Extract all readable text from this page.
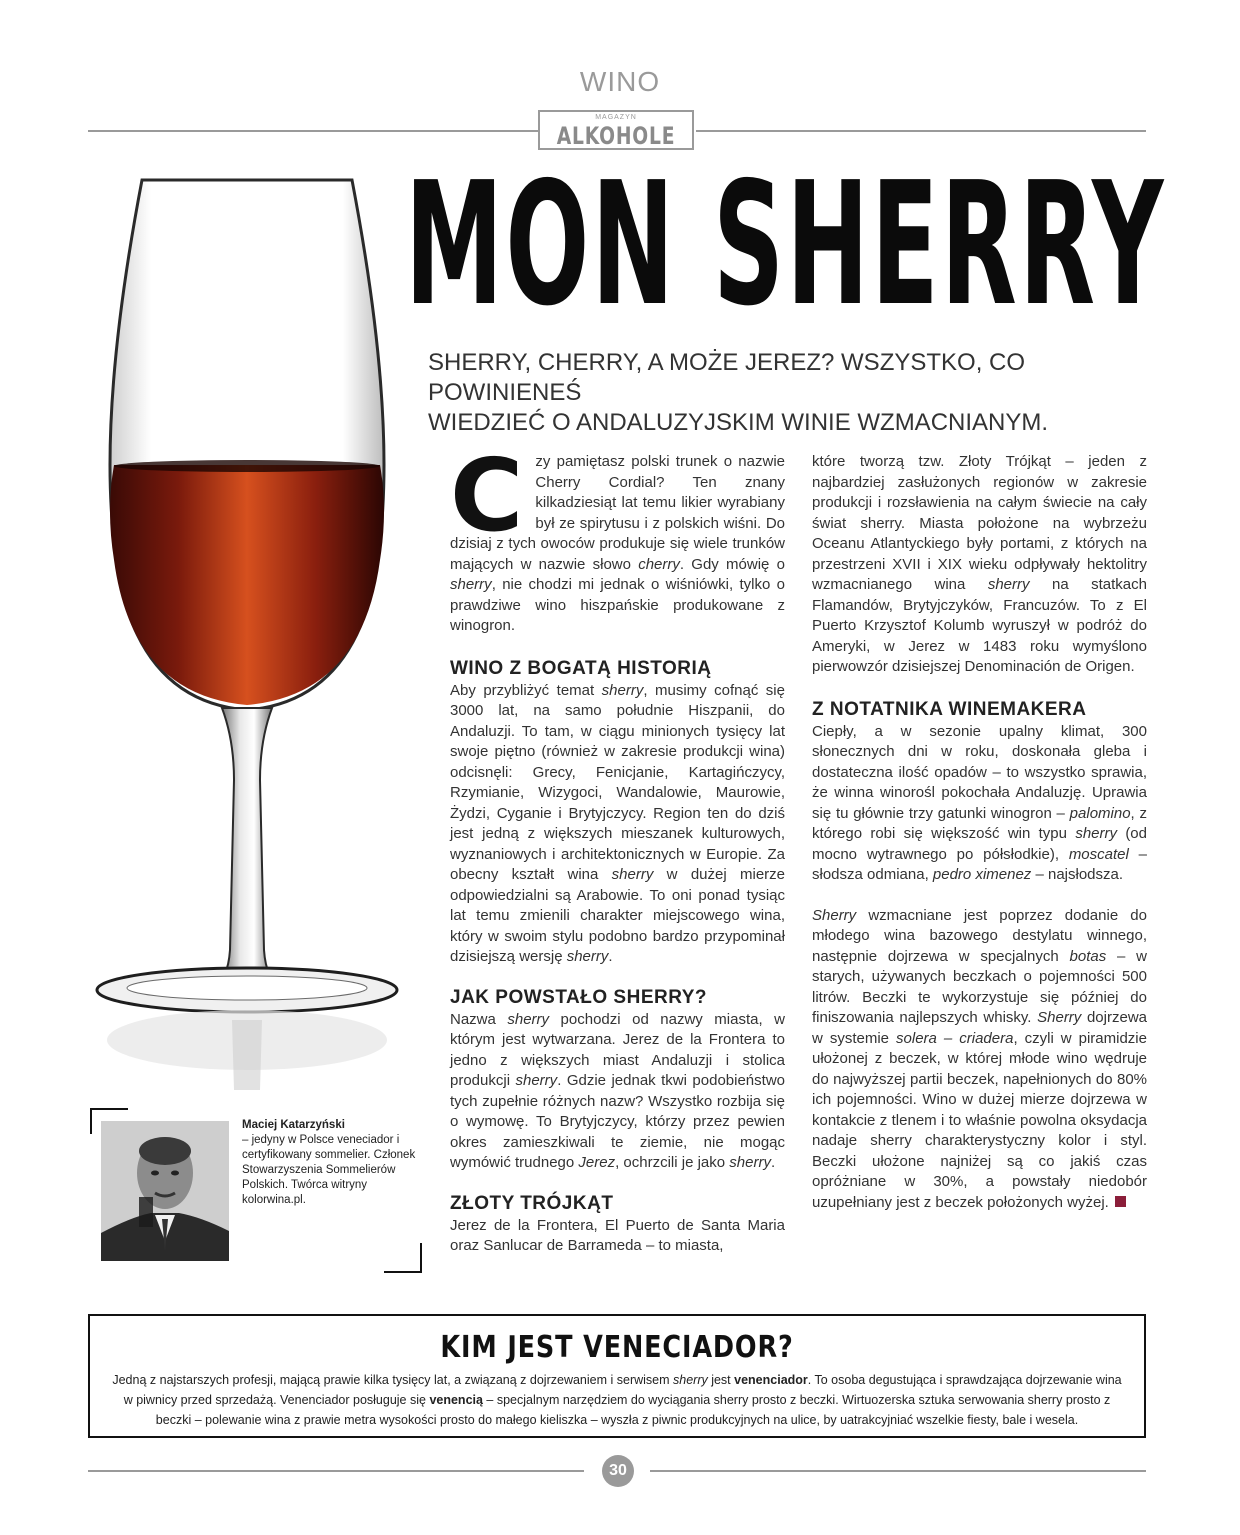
WINO
MAGAZYN
ALKOHOLE
MON SHERRY
SHERRY, CHERRY, A MOŻE JEREZ? WSZYSTKO, CO POWINIENEŚ
WIEDZIEĆ O ANDALUZYJSKIM WINIE WZMACNIANYM.

Czy pamiętasz polski trunek o nazwie Cherry Cordial? Ten znany kilkadziesiąt lat temu likier wyrabiany był ze spirytusu i z polskich wiśni. Do dzisiaj z tych owoców produkuje się wiele trunków mających w nazwie słowo cherry. Gdy mówię o sherry, nie chodzi mi jednak o wiśniówki, tylko o prawdziwe wino hiszpańskie produkowane z winogron.

WINO Z BOGATĄ HISTORIĄ

Aby przybliżyć temat sherry, musimy cofnąć się 3000 lat, na samo południe Hiszpanii, do Andaluzji. To tam, w ciągu minionych tysięcy lat swoje piętno (również w zakresie produkcji wina) odcisnęli: Grecy, Fenicjanie, Kartagińczycy, Rzymianie, Wizygoci, Wandalowie, Maurowie, Żydzi, Cyganie i Brytyjczycy. Region ten do dziś jest jedną z większych mieszanek kulturowych, wyznaniowych i architektonicznych w Europie. Za obecny kształt wina sherry w dużej mierze odpowiedzialni są Arabowie. To oni ponad tysiąc lat temu zmienili charakter miejscowego wina, który w swoim stylu podobno bardzo przypominał dzisiejszą wersję sherry.

JAK POWSTAŁO SHERRY?

Nazwa sherry pochodzi od nazwy miasta, w którym jest wytwarzana. Jerez de la Frontera to jedno z większych miast Andaluzji i stolica produkcji sherry. Gdzie jednak tkwi podobieństwo tych zupełnie różnych nazw? Wszystko rozbija się o wymowę. To Brytyjczycy, którzy przez pewien okres zamieszkiwali te ziemie, nie mogąc wymówić trudnego Jerez, ochrzcili je jako sherry.

ZŁOTY TRÓJKĄT

Jerez de la Frontera, El Puerto de Santa Maria oraz Sanlucar de Barrameda – to miasta,

które tworzą tzw. Złoty Trójkąt – jeden z najbardziej zasłużonych regionów w zakresie produkcji i rozsławienia na całym świecie na cały świat sherry. Miasta położone na wybrzeżu Oceanu Atlantyckiego były portami, z których na przestrzeni XVII i XIX wieku odpływały hektolitry wzmacnianego wina sherry na statkach Flamandów, Brytyjczyków, Francuzów. To z El Puerto Krzysztof Kolumb wyruszył w podróż do Ameryki, w Jerez w 1483 roku wymyślono pierwowzór dzisiejszej Denominación de Origen.

Z NOTATNIKA WINEMAKERA

Ciepły, a w sezonie upalny klimat, 300 słonecznych dni w roku, doskonała gleba i dostateczna ilość opadów – to wszystko sprawia, że winna winorośl pokochała Andaluzję. Uprawia się tu głównie trzy gatunki winogron – palomino, z którego robi się większość win typu sherry (od mocno wytrawnego po półsłodkie), moscatel – słodsza odmiana, pedro ximenez – najsłodsza.

Sherry wzmacniane jest poprzez dodanie do młodego wina bazowego destylatu winnego, następnie dojrzewa w specjalnych botas – w starych, używanych beczkach o pojemności 500 litrów. Beczki te wykorzystuje się później do finiszowania najlepszych whisky. Sherry dojrzewa w systemie solera – criadera, czyli w piramidzie ułożonej z beczek, w której młode wino wędruje do najwyższej partii beczek, napełnionych do 80% ich pojemności. Wino w dużej mierze dojrzewa w kontakcie z tlenem i to właśnie powolna oksydacja nadaje sherry charakterystyczny kolor i styl. Beczki ułożone najniżej są co jakiś czas opróżniane w 30%, a powstały niedobór uzupełniany jest z beczek położonych wyżej.

Maciej Katarzyński
– jedyny w Polsce veneciador i certyfikowany sommelier. Członek Stowarzyszenia Sommelierów Polskich. Twórca witryny kolorwina.pl.
KIM JEST VENECIADOR?
Jedną z najstarszych profesji, mającą prawie kilka tysięcy lat, a związaną z dojrzewaniem i serwisem sherry jest venenciador. To osoba degustująca i sprawdzająca dojrzewanie wina w piwnicy przed sprzedażą. Venenciador posługuje się venencią – specjalnym narzędziem do wyciągania sherry prosto z beczki. Wirtuozerska sztuka serwowania sherry prosto z beczki – polewanie wina z prawie metra wysokości prosto do małego kieliszka – wyszła z piwnic produkcyjnych na ulice, by uatrakcyjniać wszelkie fiesty, bale i wesela.
30
